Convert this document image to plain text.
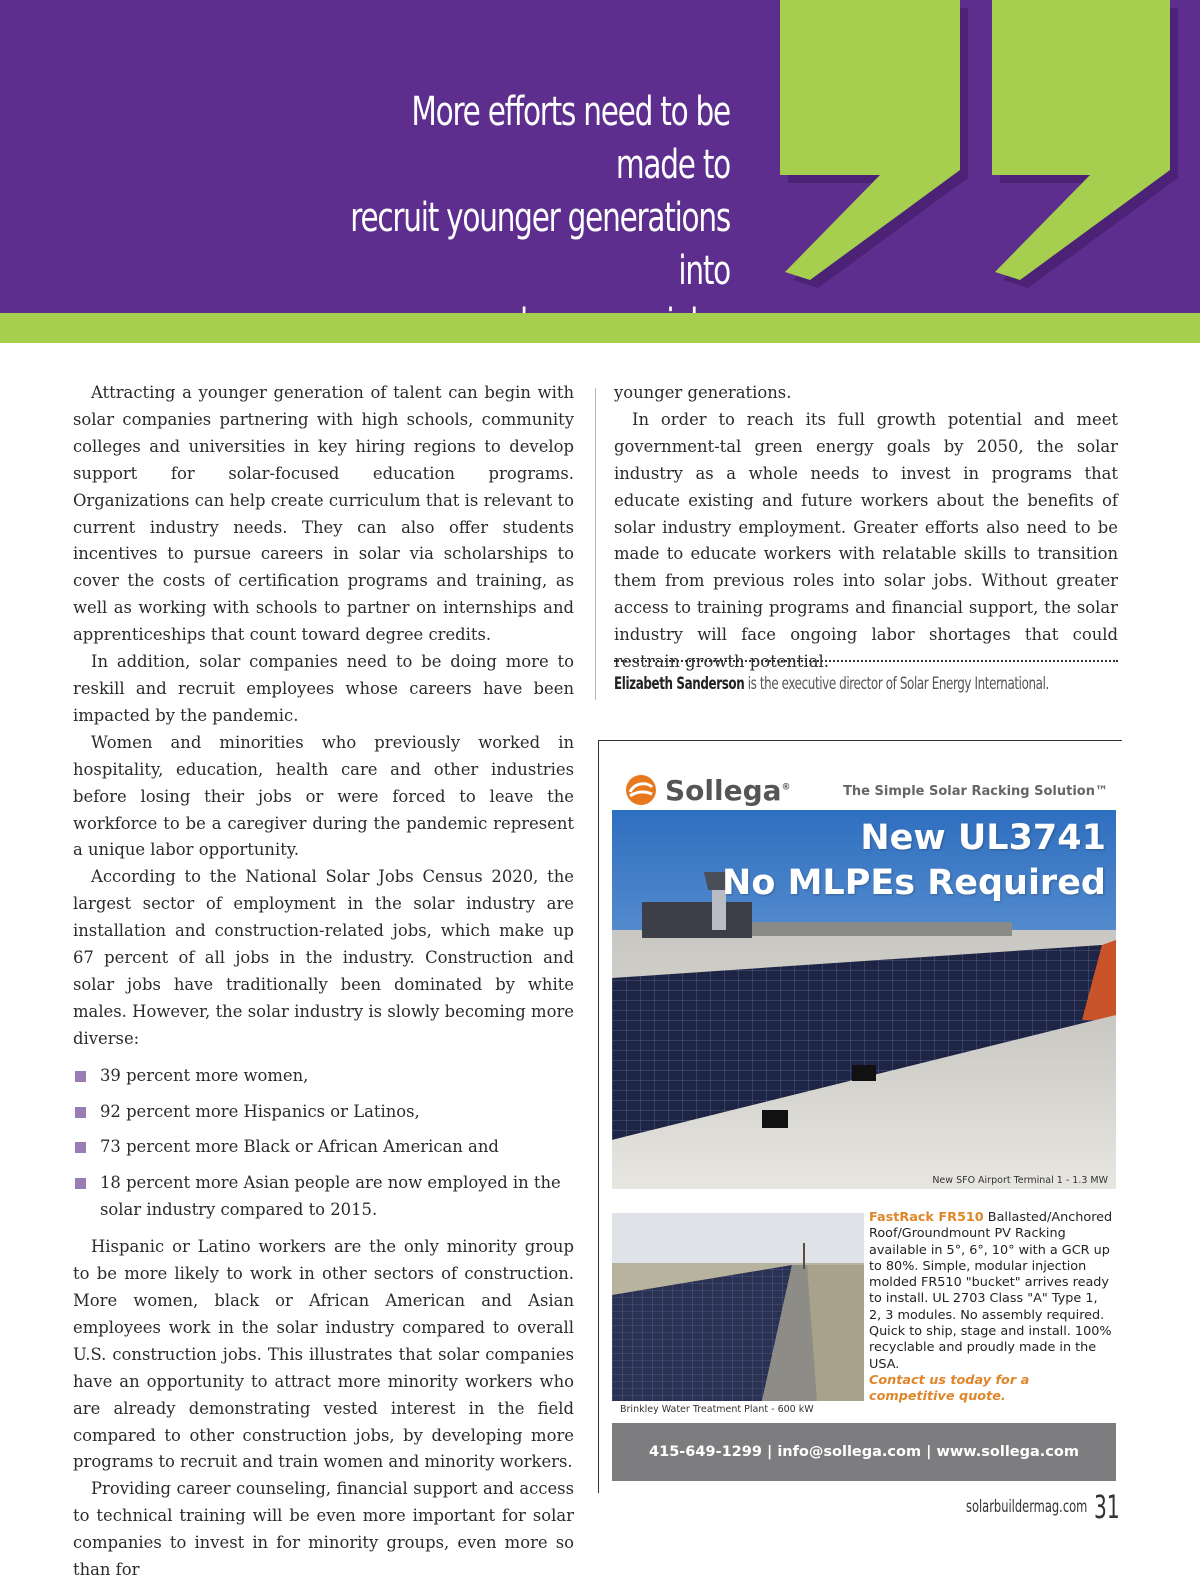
More efforts need to be made to
recruit younger generations into

Attracting a younger generation of talent can begin with solar companies partnering with high schools, community colleges and universities in key hiring regions to develop support for solar-focused education programs. Organizations can help create curriculum that is relevant to current industry needs. They can also offer students incentives to pursue careers in solar via scholarships to cover the costs of certification programs and training, as well as working with schools to partner on internships and apprenticeships that count toward degree credits.

In addition, solar companies need to be doing more to reskill and recruit employees whose careers have been impacted by the pandemic.

Women and minorities who previously worked in hospitality, education, health care and other industries before losing their jobs or were forced to leave the workforce to be a caregiver during the pandemic represent a unique labor opportunity.

According to the National Solar Jobs Census 2020, the largest sector of employment in the solar industry are installation and construction-related jobs, which make up 67 percent of all jobs in the industry. Construction and solar jobs have traditionally been dominated by white males. However, the solar industry is slowly becoming more diverse:

39 percent more women,
92 percent more Hispanics or Latinos,
73 percent more Black or African American and
18 percent more Asian people are now employed in the solar industry compared to 2015.

Hispanic or Latino workers are the only minority group to be more likely to work in other sectors of construction. More women, black or African American and Asian employees work in the solar industry compared to overall U.S. construction jobs. This illustrates that solar companies have an opportunity to attract more minority workers who are already demonstrating vested interest in the field compared to other construction jobs, by developing more programs to recruit and train women and minority workers.

Providing career counseling, financial support and access to technical training will be even more important for solar companies to invest in for minority groups, even more so than for

younger generations.

In order to reach its full growth potential and meet government-tal green energy goals by 2050, the solar industry as a whole needs to invest in programs that educate existing and future workers about the benefits of solar industry employment. Greater efforts also need to be made to educate workers with relatable skills to transition them from previous roles into solar jobs. Without greater access to training programs and financial support, the solar industry will face ongoing labor shortages that could restrain growth potential.

Elizabeth Sanderson is the executive director of Solar Energy International.
Sollega®	The Simple Solar Racking Solution™
New UL3741
No MLPEs Required
New SFO Airport Terminal 1 - 1.3 MW
Brinkley Water Treatment Plant - 600 kW
FastRack FR510 Ballasted/Anchored Roof/Groundmount PV Racking available in 5°, 6°, 10° with a GCR up to 80%. Simple, modular injection molded FR510 "bucket" arrives ready to install. UL 2703 Class "A" Type 1, 2, 3 modules. No assembly required. Quick to ship, stage and install. 100% recyclable and proudly made in the USA.
Contact us today for a competitive quote.
415-649-1299 | info@sollega.com | www.sollega.com
solarbuildermag.com 31
